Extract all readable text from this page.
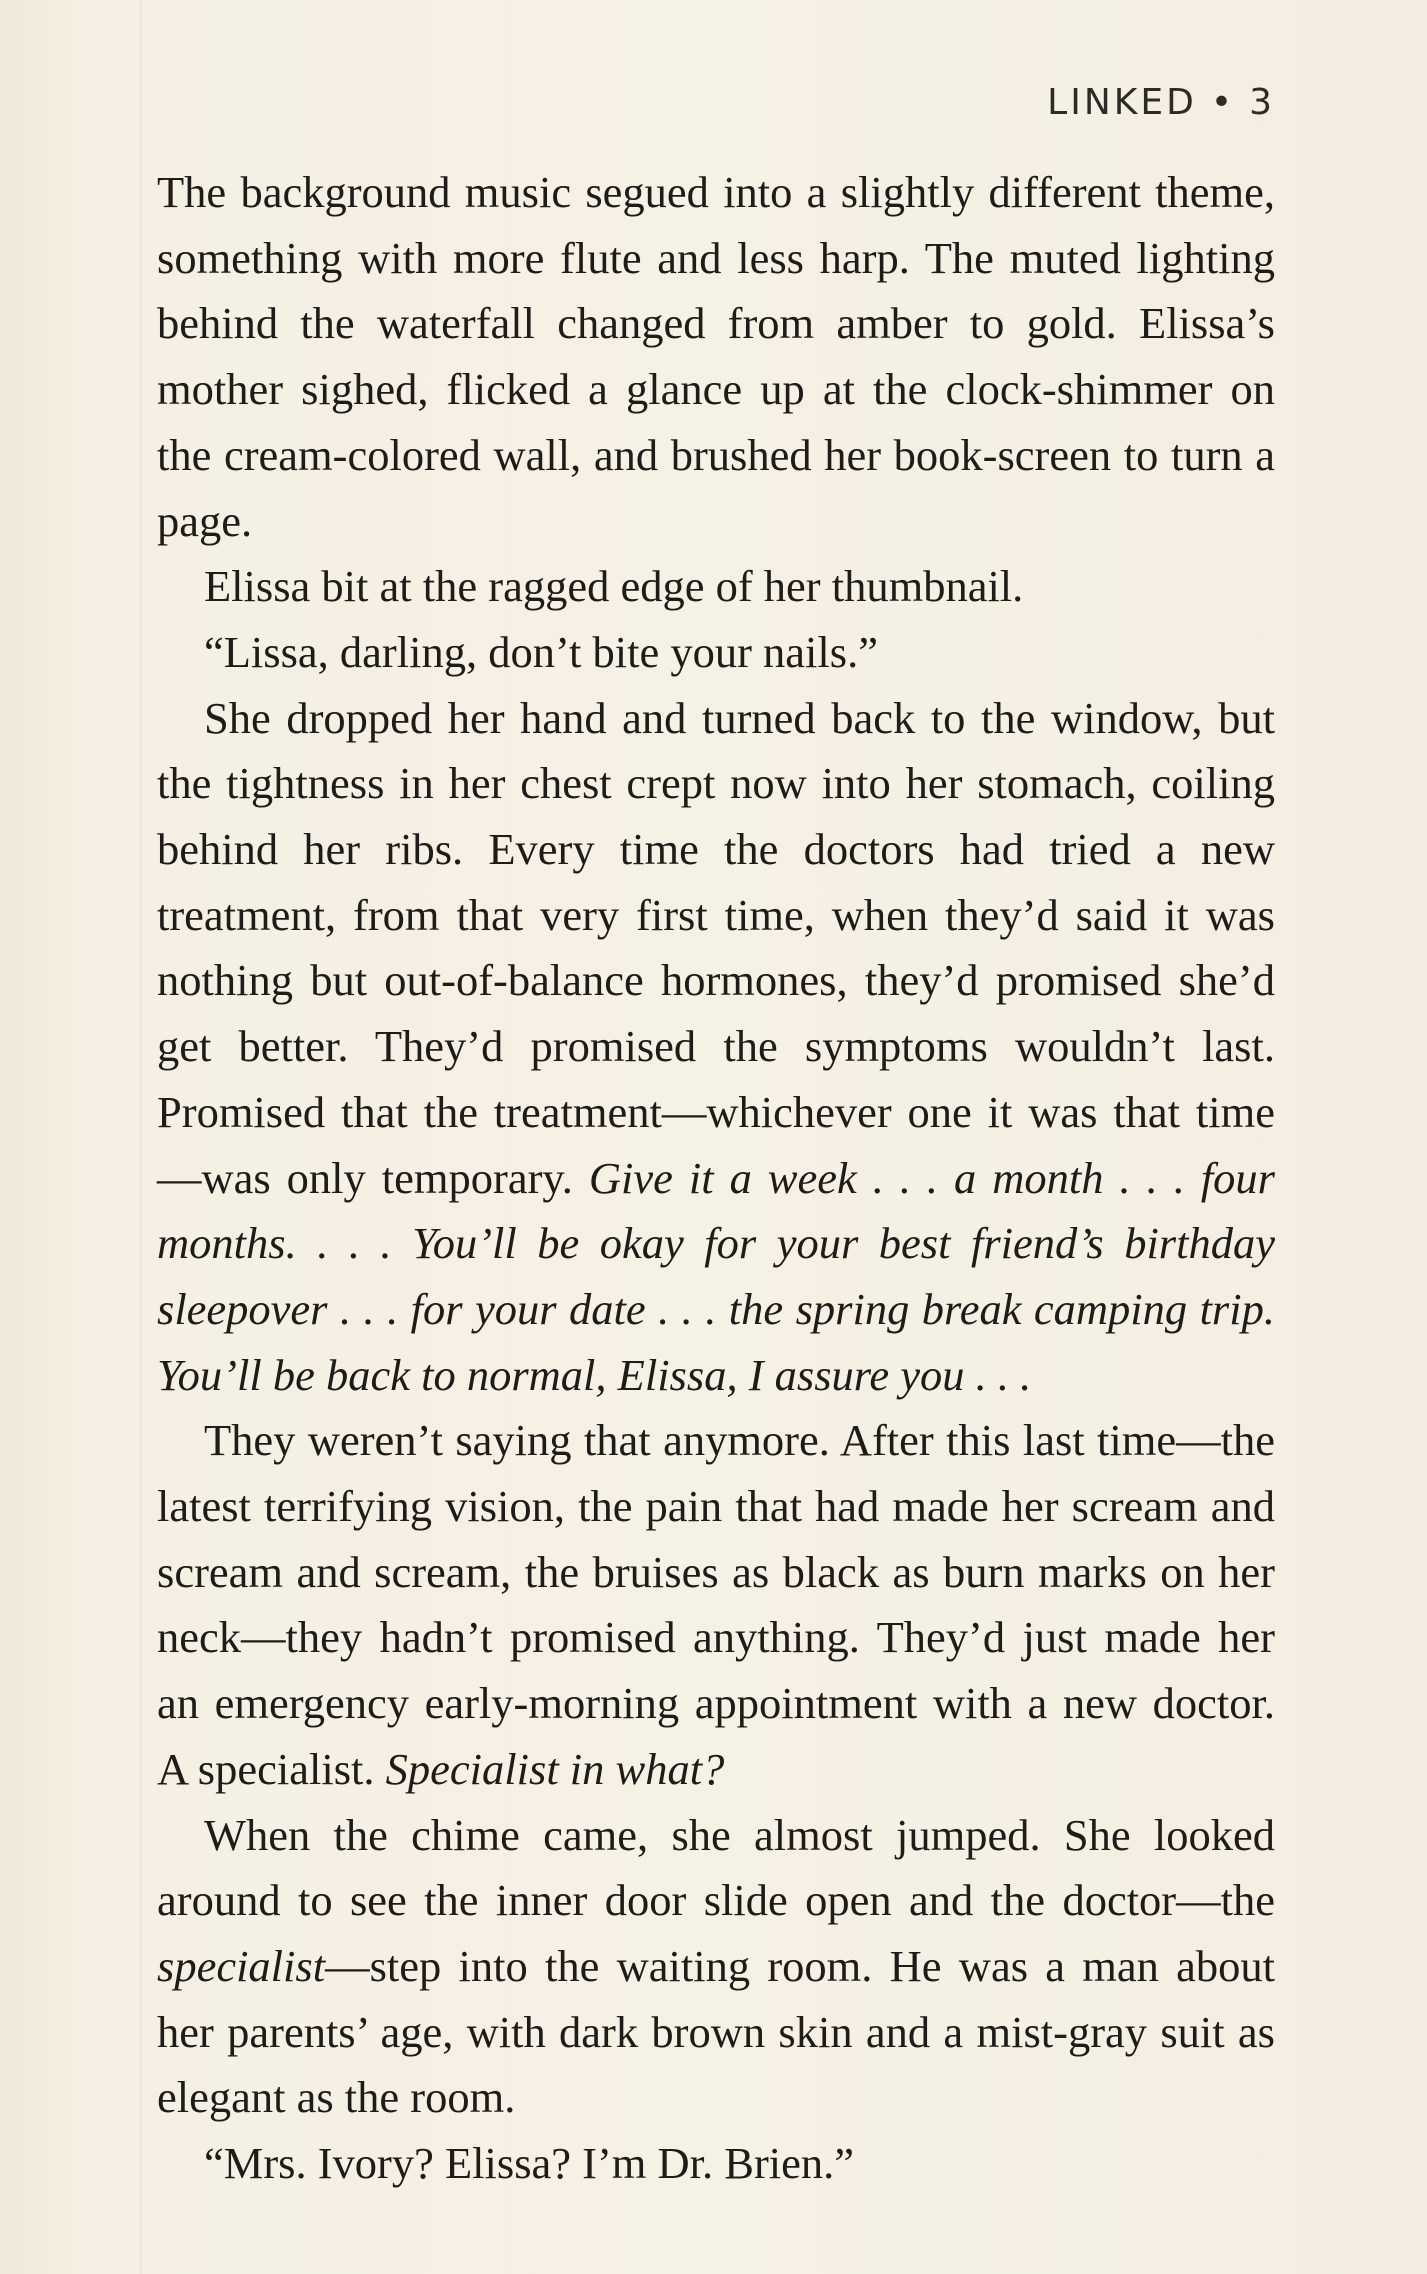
LINKED • 3

The background music segued into a slightly different theme, something with more flute and less harp. The muted lighting behind the waterfall changed from amber to gold. Elissa’s mother sighed, flicked a glance up at the clock-shimmer on the cream-colored wall, and brushed her book-screen to turn a page.

Elissa bit at the ragged edge of her thumbnail.

“Lissa, darling, don’t bite your nails.”

She dropped her hand and turned back to the window, but the tightness in her chest crept now into her stomach, coiling behind her ribs. Every time the doctors had tried a new treatment, from that very first time, when they’d said it was nothing but out-of-balance hormones, they’d promised she’d get better. They’d promised the symptoms wouldn’t last. Promised that the treatment—whichever one it was that time—was only temporary. Give it a week . . . a month . . . four months. . . . You’ll be okay for your best friend’s birthday sleepover . . . for your date . . . the spring break camping trip. You’ll be back to normal, Elissa, I assure you . . .

They weren’t saying that anymore. After this last time—the latest terrifying vision, the pain that had made her scream and scream and scream, the bruises as black as burn marks on her neck—they hadn’t promised anything. They’d just made her an emergency early-morning appointment with a new doctor. A specialist. Specialist in what?

When the chime came, she almost jumped. She looked around to see the inner door slide open and the doctor—the specialist—step into the waiting room. He was a man about her parents’ age, with dark brown skin and a mist-gray suit as elegant as the room.

“Mrs. Ivory? Elissa? I’m Dr. Brien.”
